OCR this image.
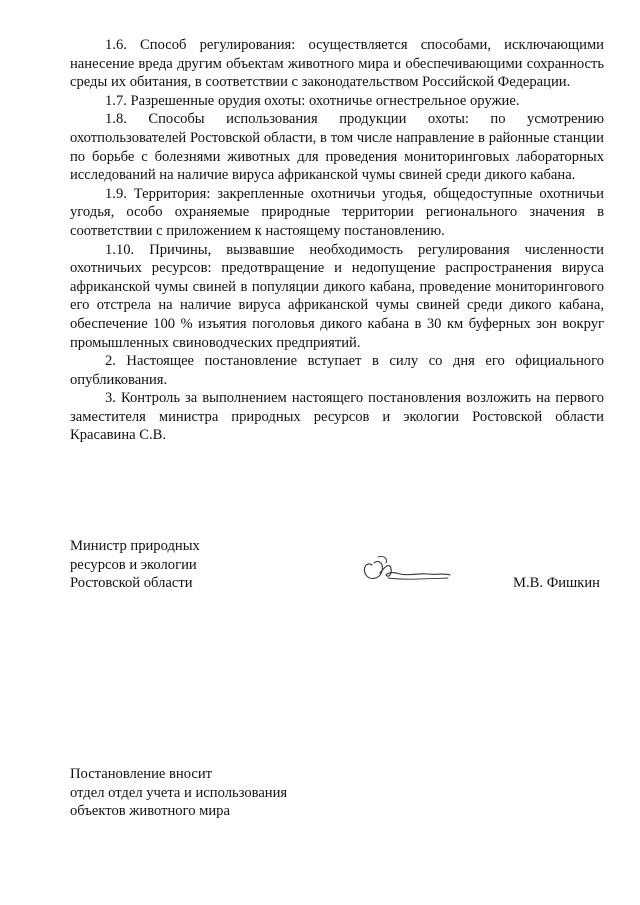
1.6. Способ регулирования: осуществляется способами, исключающими нанесение вреда другим объектам животного мира и обеспечивающими сохранность среды их обитания, в соответствии с законодательством Российской Федерации.

1.7. Разрешенные орудия охоты: охотничье огнестрельное оружие.

1.8. Способы использования продукции охоты: по усмотрению охотпользователей Ростовской области, в том числе направление в районные станции по борьбе с болезнями животных для проведения мониторинговых лабораторных исследований на наличие вируса африканской чумы свиней среди дикого кабана.

1.9. Территория: закрепленные охотничьи угодья, общедоступные охотничьи угодья, особо охраняемые природные территории регионального значения в соответствии с приложением к настоящему постановлению.

1.10. Причины, вызвавшие необходимость регулирования численности охотничьих ресурсов: предотвращение и недопущение распространения вируса африканской чумы свиней в популяции дикого кабана, проведение мониторингового его отстрела на наличие вируса африканской чумы свиней среди дикого кабана, обеспечение 100 % изъятия поголовья дикого кабана в 30 км буферных зон вокруг промышленных свиноводческих предприятий.

2. Настоящее постановление вступает в силу со дня его официального опубликования.

3. Контроль за выполнением настоящего постановления возложить на первого заместителя министра природных ресурсов и экологии Ростовской области Красавина С.В.

Министр природных
ресурсов и экологии
Ростовской области	М.В. Фишкин
Постановление вносит
отдел отдел учета и использования
объектов животного мира
